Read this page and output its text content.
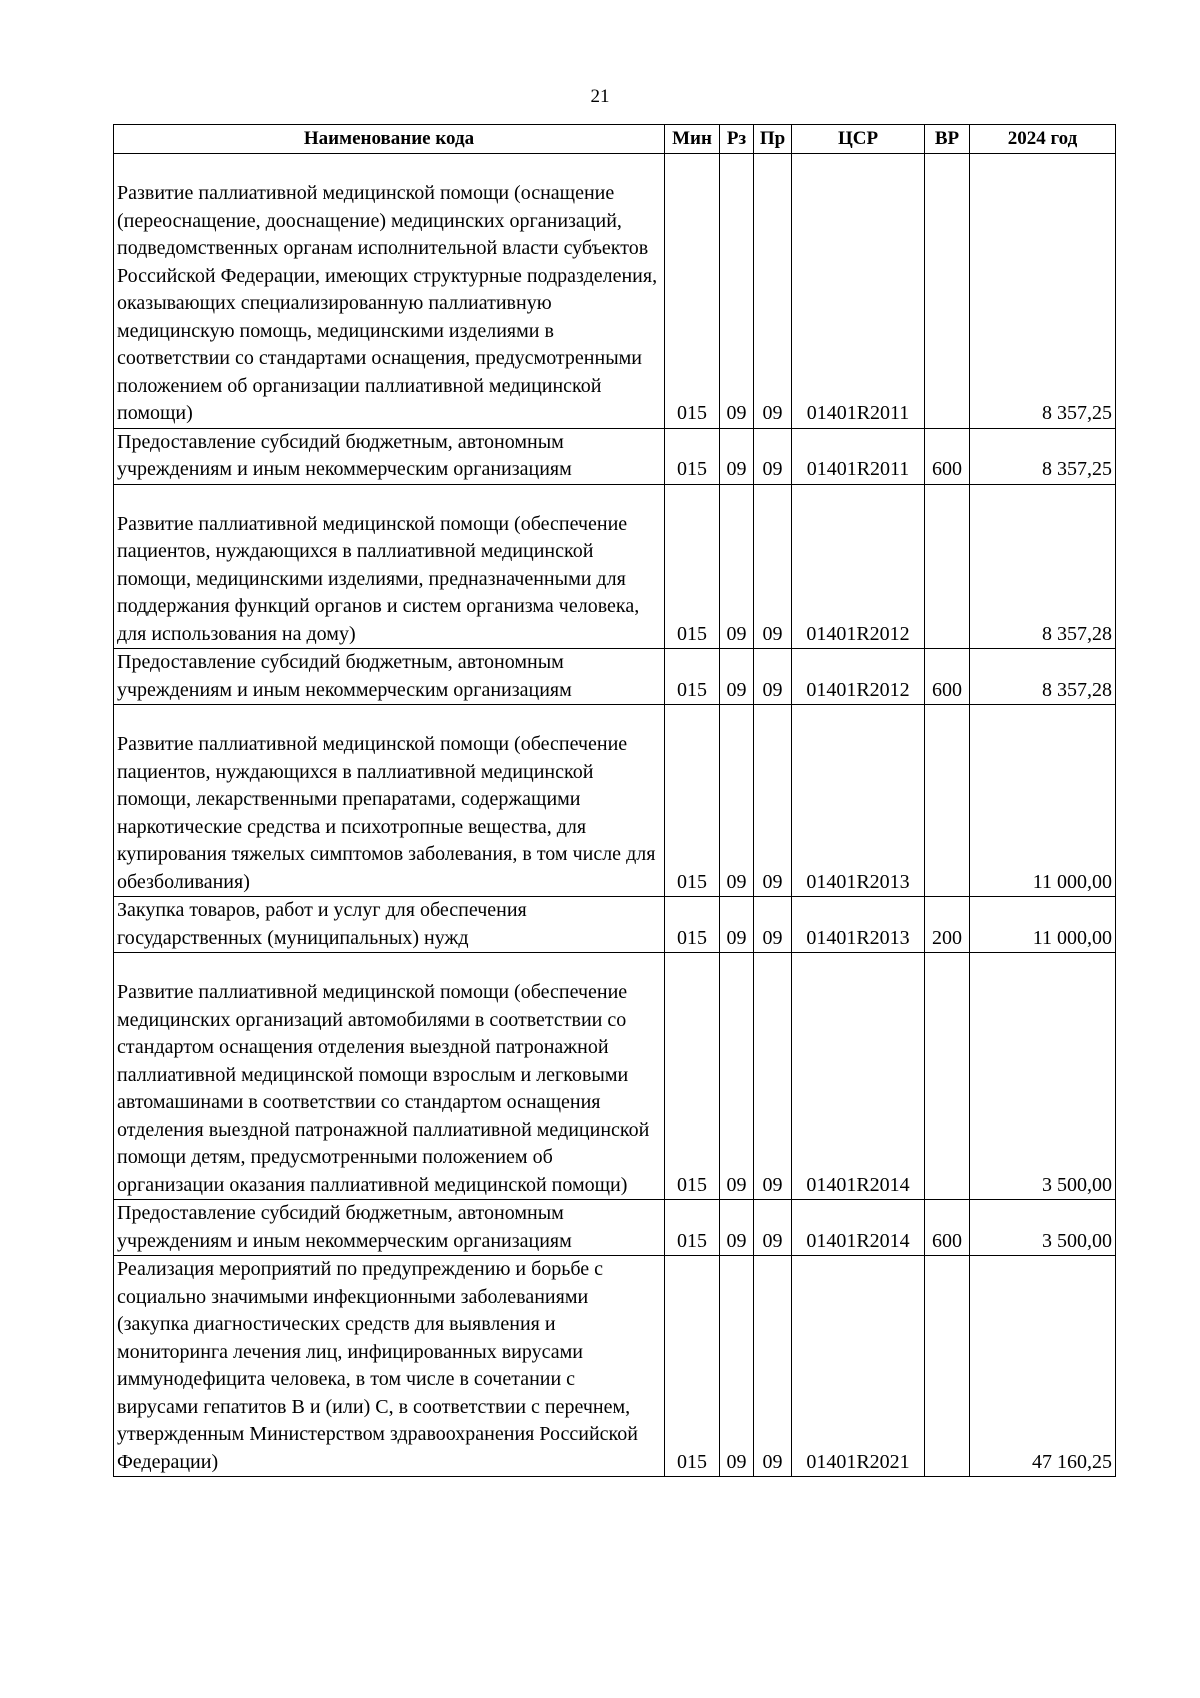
21
Наименование кода	Мин	Рз	Пр	ЦСР	ВР	2024 год
Развитие паллиативной медицинской помощи (оснащение (переоснащение, дооснащение) медицинских организаций, подведомственных органам исполнительной власти субъектов Российской Федерации, имеющих структурные подразделения, оказывающих специализированную паллиативную медицинскую помощь, медицинскими изделиями в соответствии со стандартами оснащения, предусмотренными положением об организации паллиативной медицинской помощи)	015	09	09	01401R2011		8 357,25
Предоставление субсидий бюджетным, автономным учреждениям и иным некоммерческим организациям	015	09	09	01401R2011	600	8 357,25
Развитие паллиативной медицинской помощи (обеспечение пациентов, нуждающихся в паллиативной медицинской помощи, медицинскими изделиями, предназначенными для поддержания функций органов и систем организма человека, для использования на дому)	015	09	09	01401R2012		8 357,28
Предоставление субсидий бюджетным, автономным учреждениям и иным некоммерческим организациям	015	09	09	01401R2012	600	8 357,28
Развитие паллиативной медицинской помощи (обеспечение пациентов, нуждающихся в паллиативной медицинской помощи, лекарственными препаратами, содержащими наркотические средства и психотропные вещества, для купирования тяжелых симптомов заболевания, в том числе для обезболивания)	015	09	09	01401R2013		11 000,00
Закупка товаров, работ и услуг для обеспечения государственных (муниципальных) нужд	015	09	09	01401R2013	200	11 000,00
Развитие паллиативной медицинской помощи (обеспечение медицинских организаций автомобилями в соответствии со стандартом оснащения отделения выездной патронажной паллиативной медицинской помощи взрослым и легковыми автомашинами в соответствии со стандартом оснащения отделения выездной патронажной паллиативной медицинской помощи детям, предусмотренными положением об организации оказания паллиативной медицинской помощи)	015	09	09	01401R2014		3 500,00
Предоставление субсидий бюджетным, автономным учреждениям и иным некоммерческим организациям	015	09	09	01401R2014	600	3 500,00
Реализация мероприятий по предупреждению и борьбе с социально значимыми инфекционными заболеваниями (закупка диагностических средств для выявления и мониторинга лечения лиц, инфицированных вирусами иммунодефицита человека, в том числе в сочетании с вирусами гепатитов B и (или) C, в соответствии с перечнем, утвержденным Министерством здравоохранения Российской Федерации)	015	09	09	01401R2021		47 160,25
